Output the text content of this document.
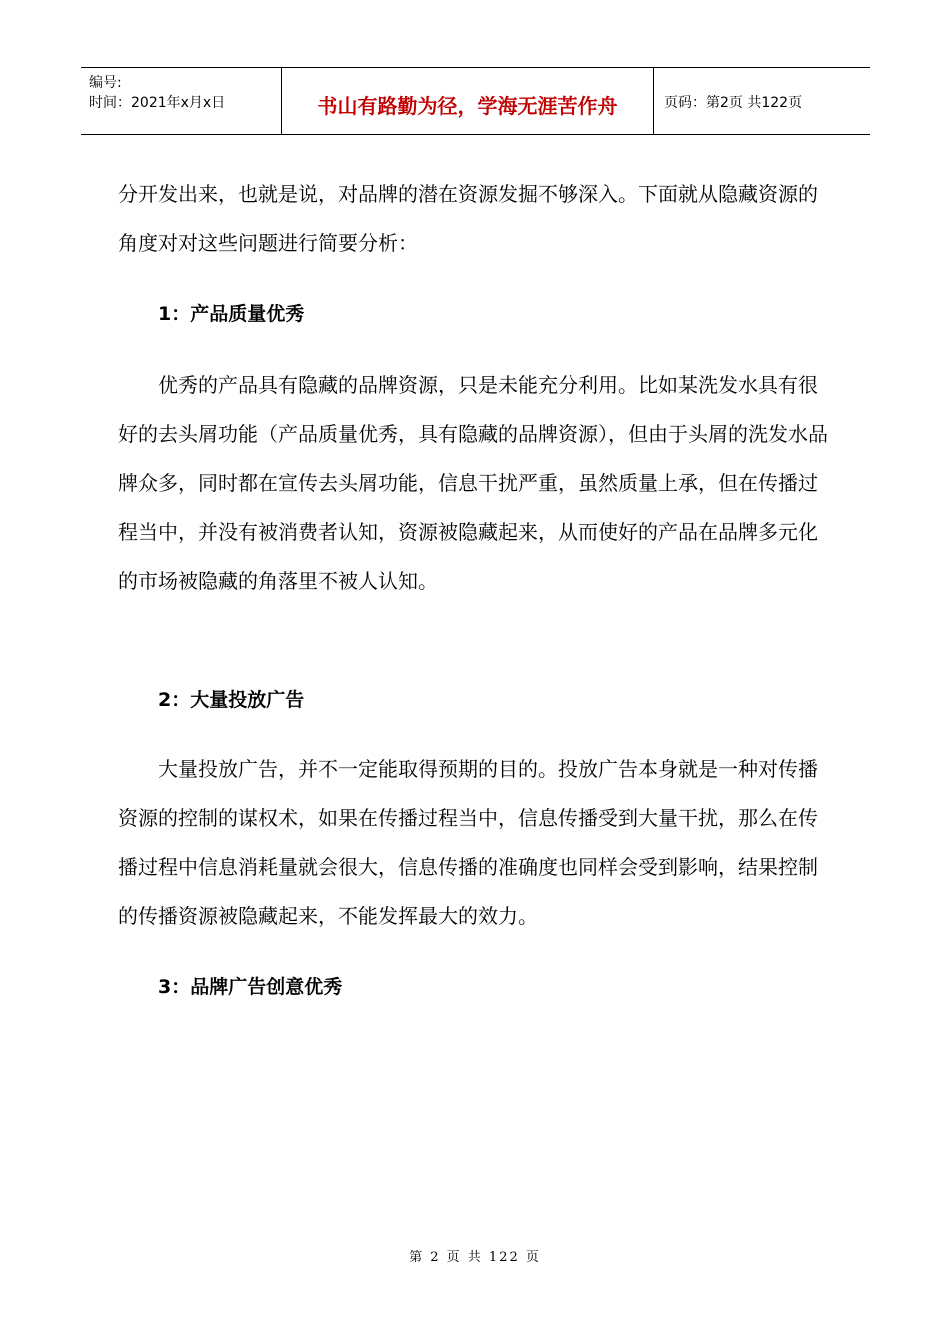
编号:
时间：2021年x月x日	书山有路勤为径，学海无涯苦作舟	页码：第2页 共122页

分开发出来，也就是说，对品牌的潜在资源发掘不够深入。下面就从隐藏资源的角度对对这些问题进行简要分析：

1：产品质量优秀

优秀的产品具有隐藏的品牌资源，只是未能充分利用。比如某洗发水具有很好的去头屑功能（产品质量优秀，具有隐藏的品牌资源），但由于头屑的洗发水品牌众多，同时都在宣传去头屑功能，信息干扰严重，虽然质量上承，但在传播过程当中，并没有被消费者认知，资源被隐藏起来，从而使好的产品在品牌多元化的市场被隐藏的角落里不被人认知。

2：大量投放广告

大量投放广告，并不一定能取得预期的目的。投放广告本身就是一种对传播资源的控制的谋权术，如果在传播过程当中，信息传播受到大量干扰，那么在传播过程中信息消耗量就会很大，信息传播的准确度也同样会受到影响，结果控制的传播资源被隐藏起来，不能发挥最大的效力。

3：品牌广告创意优秀

第 2 页 共 122 页
